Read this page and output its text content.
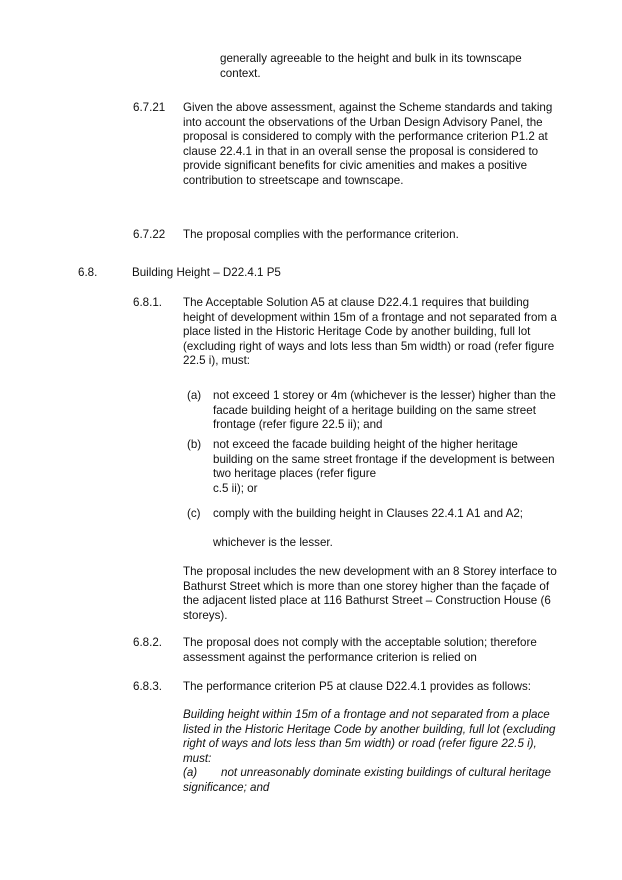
generally agreeable to the height and bulk in its townscape context.

6.7.21 Given the above assessment, against the Scheme standards and taking into account the observations of the Urban Design Advisory Panel, the proposal is considered to comply with the performance criterion P1.2 at clause 22.4.1 in that in an overall sense the proposal is considered to provide significant benefits for civic amenities and makes a positive contribution to streetscape and townscape.

6.7.22 The proposal complies with the performance criterion.

6.8.	Building Height – D22.4.1 P5

6.8.1. The Acceptable Solution A5 at clause D22.4.1 requires that building height of development within 15m of a frontage and not separated from a place listed in the Historic Heritage Code by another building, full lot (excluding right of ways and lots less than 5m width) or road (refer figure 22.5 i), must:

(a) not exceed 1 storey or 4m (whichever is the lesser) higher than the facade building height of a heritage building on the same street frontage (refer figure 22.5 ii); and

(b) not exceed the facade building height of the higher heritage building on the same street frontage if the development is between two heritage places (refer figure

c.5 ii); or

(c) comply with the building height in Clauses 22.4.1 A1 and A2;

whichever is the lesser.

The proposal includes the new development with an 8 Storey interface to Bathurst Street which is more than one storey higher than the façade of the adjacent listed place at 116 Bathurst Street – Construction House (6 storeys).

6.8.2. The proposal does not comply with the acceptable solution; therefore assessment against the performance criterion is relied on

6.8.3. The performance criterion P5 at clause D22.4.1 provides as follows:

Building height within 15m of a frontage and not separated from a place listed in the Historic Heritage Code by another building, full lot (excluding right of ways and lots less than 5m width) or road (refer figure 22.5 i), must:

(a)	not unreasonably dominate existing buildings of cultural heritage significance; and
